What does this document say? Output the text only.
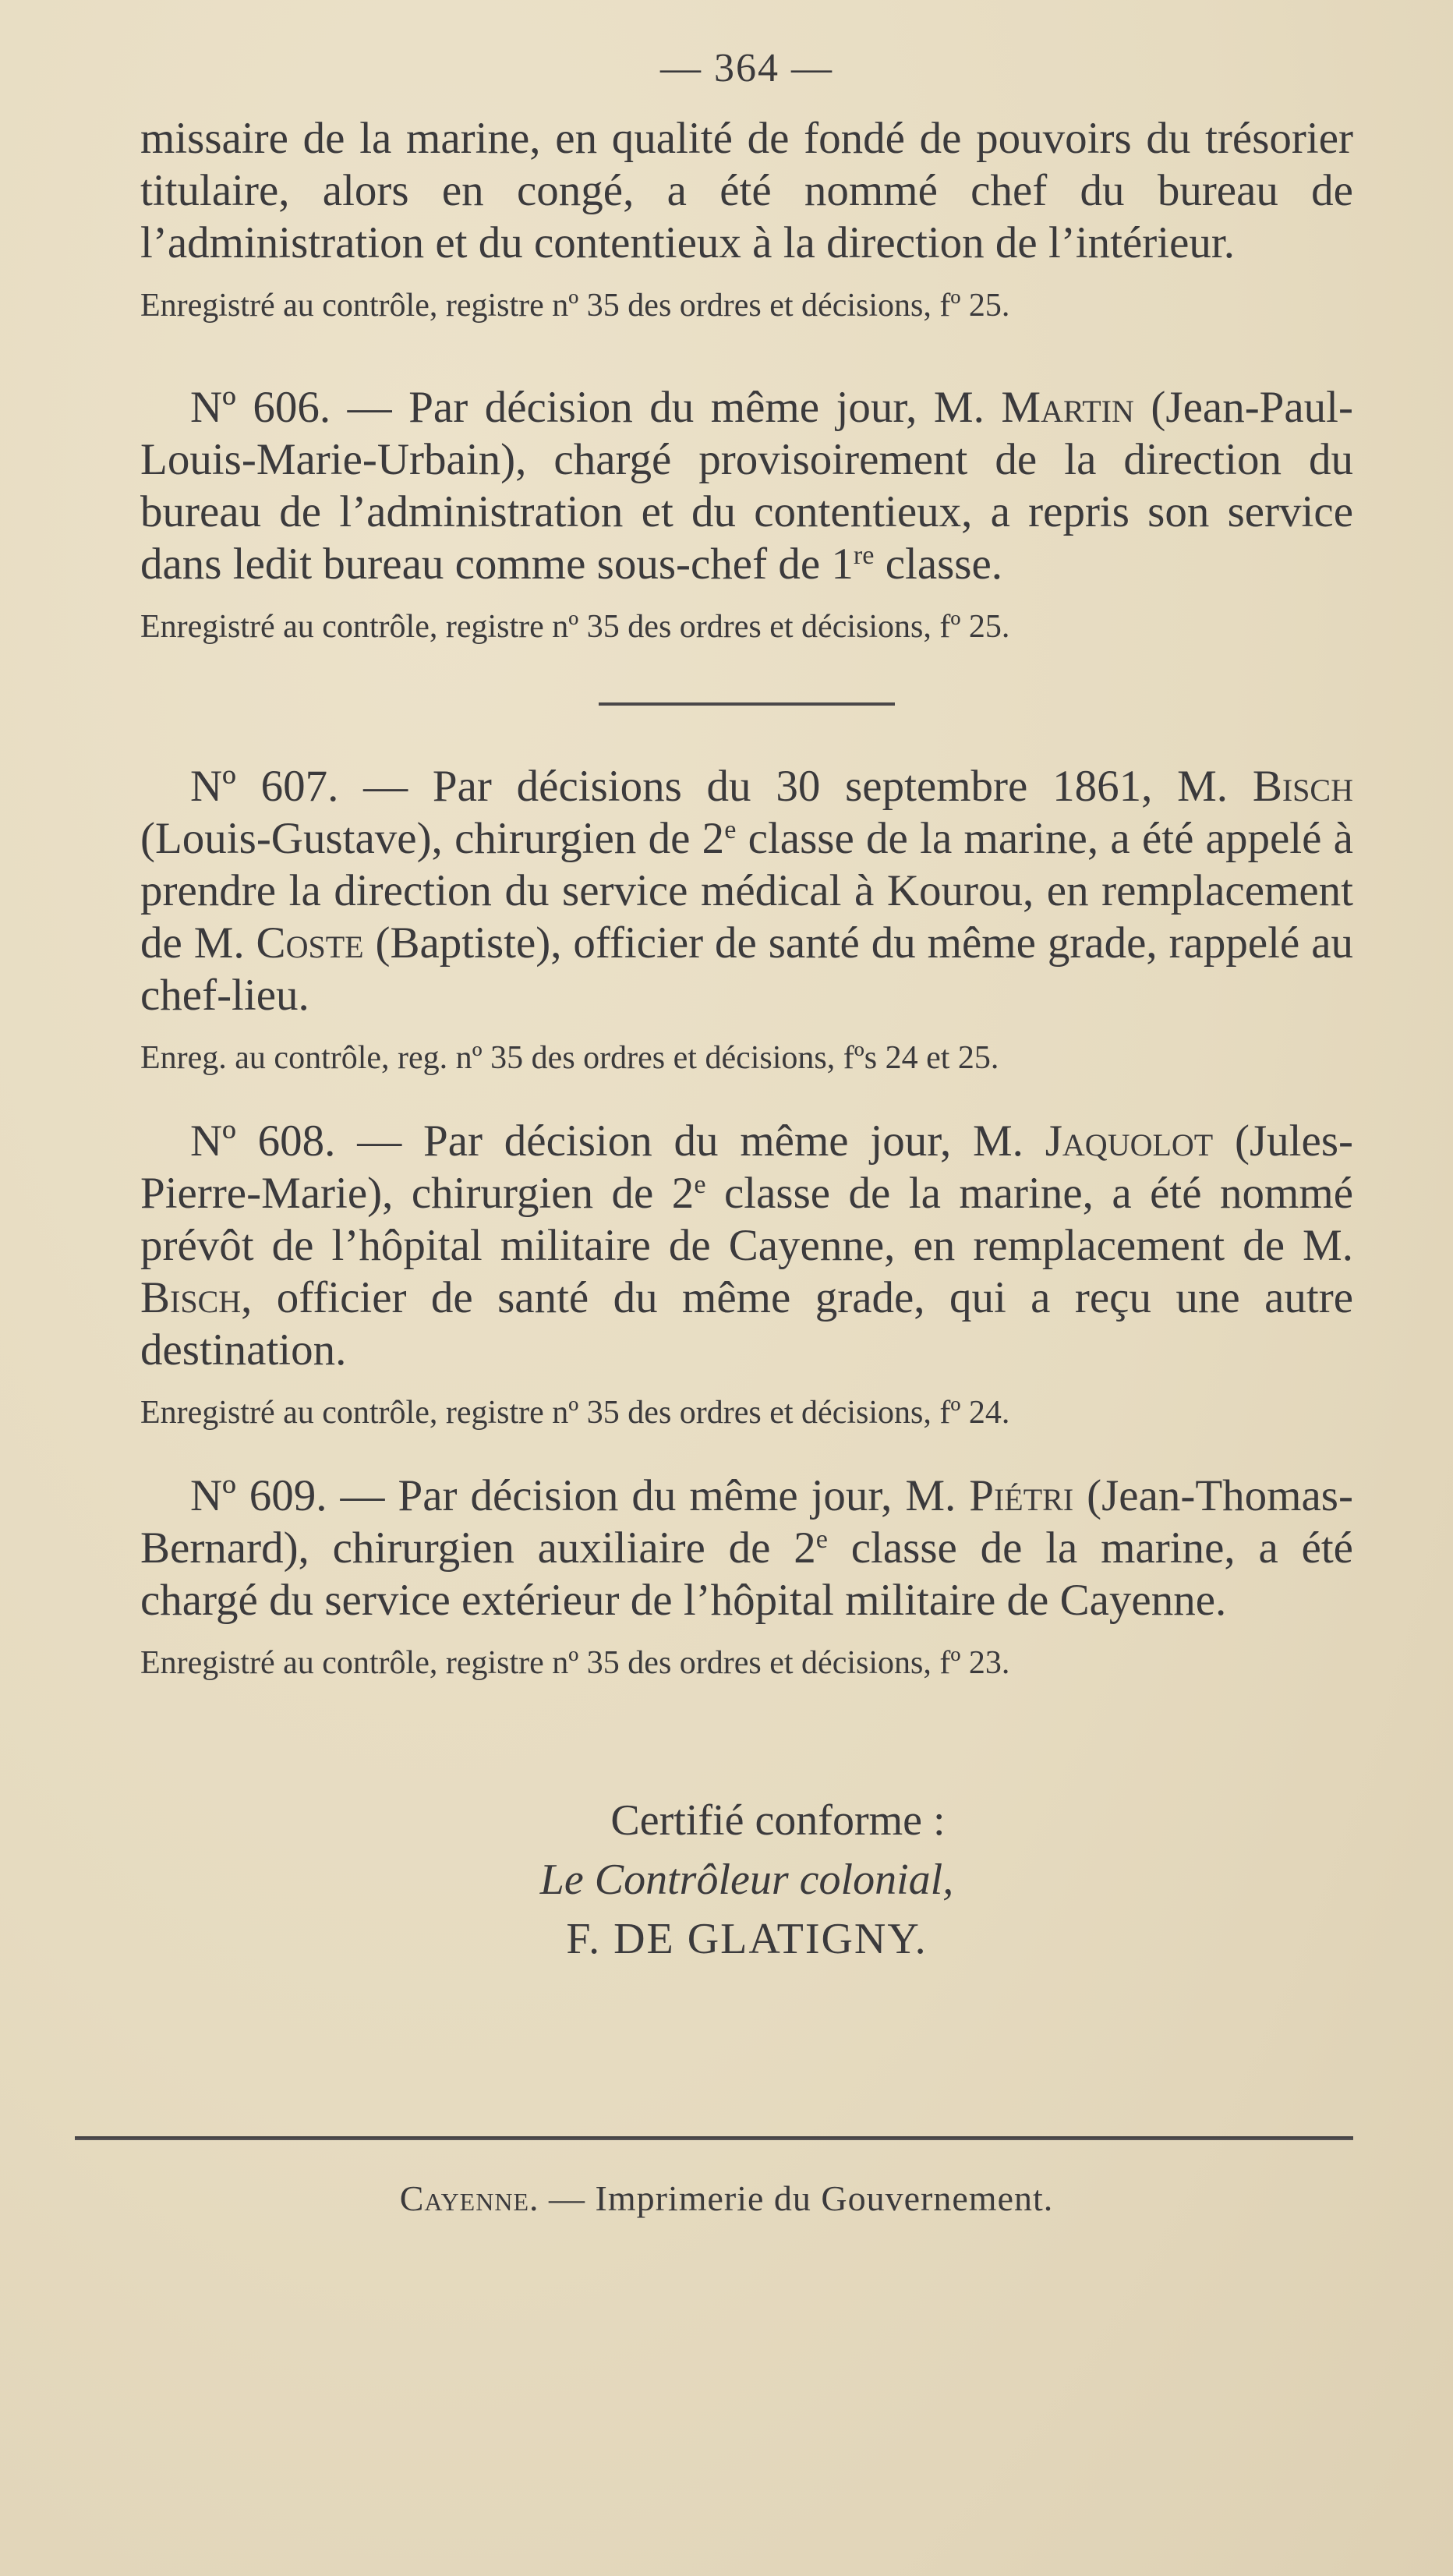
— 364 —

missaire de la marine, en qualité de fondé de pouvoirs du trésorier titulaire, alors en congé, a été nommé chef du bureau de l’administration et du contentieux à la direction de l’intérieur.

Enregistré au contrôle, registre nº 35 des ordres et décisions, fº 25.

Nº 606. — Par décision du même jour, M. Martin (Jean-Paul-Louis-Marie-Urbain), chargé provisoirement de la direction du bureau de l’administration et du contentieux, a repris son service dans ledit bureau comme sous-chef de 1re classe.

Enregistré au contrôle, registre nº 35 des ordres et décisions, fº 25.

Nº 607. — Par décisions du 30 septembre 1861, M. Bisch (Louis-Gustave), chirurgien de 2e classe de la marine, a été appelé à prendre la direction du service médical à Kourou, en remplacement de M. Coste (Baptiste), officier de santé du même grade, rappelé au chef-lieu.

Enreg. au contrôle, reg. nº 35 des ordres et décisions, fºs 24 et 25.

Nº 608. — Par décision du même jour, M. Jaquolot (Jules-Pierre-Marie), chirurgien de 2e classe de la marine, a été nommé prévôt de l’hôpital militaire de Cayenne, en remplacement de M. Bisch, officier de santé du même grade, qui a reçu une autre destination.

Enregistré au contrôle, registre nº 35 des ordres et décisions, fº 24.

Nº 609. — Par décision du même jour, M. Piétri (Jean-Thomas-Bernard), chirurgien auxiliaire de 2e classe de la marine, a été chargé du service extérieur de l’hôpital militaire de Cayenne.

Enregistré au contrôle, registre nº 35 des ordres et décisions, fº 23.
Certifié conforme :
Le Contrôleur colonial,
F. DE GLATIGNY.
Cayenne. — Imprimerie du Gouvernement.
